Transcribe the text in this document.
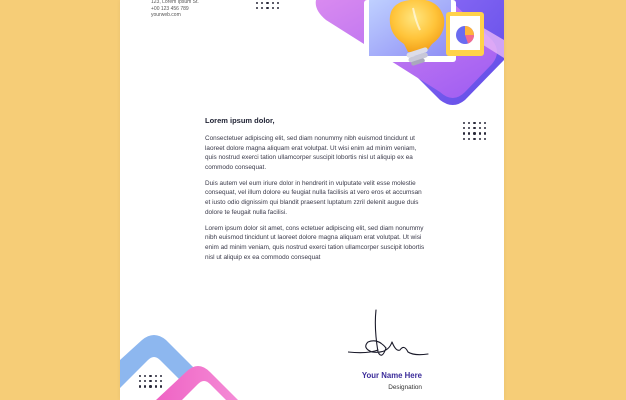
123, Lorem Ipsum St.
+00 123 456 789
yourweb.com
Lorem ipsum dolor,

Consectetuer adipiscing elit, sed diam nonummy nibh euismod tincidunt ut laoreet dolore magna aliquam erat volutpat. Ut wisi enim ad minim veniam, quis nostrud exerci tation ullamcorper suscipit lobortis nisl ut aliquip ex ea commodo consequat.

Duis autem vel eum iriure dolor in hendrerit in vulputate velit esse molestie consequat, vel illum dolore eu feugiat nulla facilisis at vero eros et accumsan et iusto odio dignissim qui blandit praesent luptatum zzril delenit augue duis dolore te feugait nulla facilisi.

Lorem ipsum dolor sit amet, cons ectetuer adipiscing elit, sed diam nonummy nibh euismod tincidunt ut laoreet dolore magna aliquam erat volutpat. Ut wisi enim ad minim veniam, quis nostrud exerci tation ullamcorper suscipit lobortis nisl ut aliquip ex ea commodo consequat

Your Name Here
Designation
